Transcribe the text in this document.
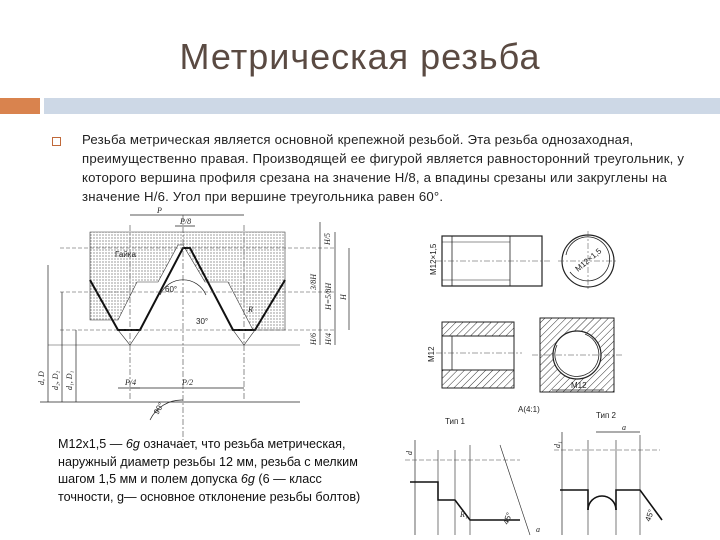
Метрическая резьба
Резьба метрическая является основной крепежной резьбой. Эта резьба однозаходная, преимущественно правая. Производящей ее фигурой является равносторонний треугольник, у которого вершина профиля срезана на значение H/8, а впадины срезаны или закруглены на значение H/6. Угол при вершине треугольника равен 60°.
P
P/8
Гайка
60°
30°
R
P/4	P/2
90°
H/5
3/8H
H=5/8H H
H/6 H/4
d, D d₂, D₂ d₁, D₁
М12×1,5	М12×1,5
М12
М12
Тип 1
Тип 2
A(4:1)
d
R₁	45°
a
d₁
45°
a
М12х1,5 — 6g означает, что резьба метрическая, наружный диаметр резьбы 12 мм, резьба с мелким шагом 1,5 мм и полем допуска 6g (6 — класс точности, g— основное отклонение резьбы болтов)
